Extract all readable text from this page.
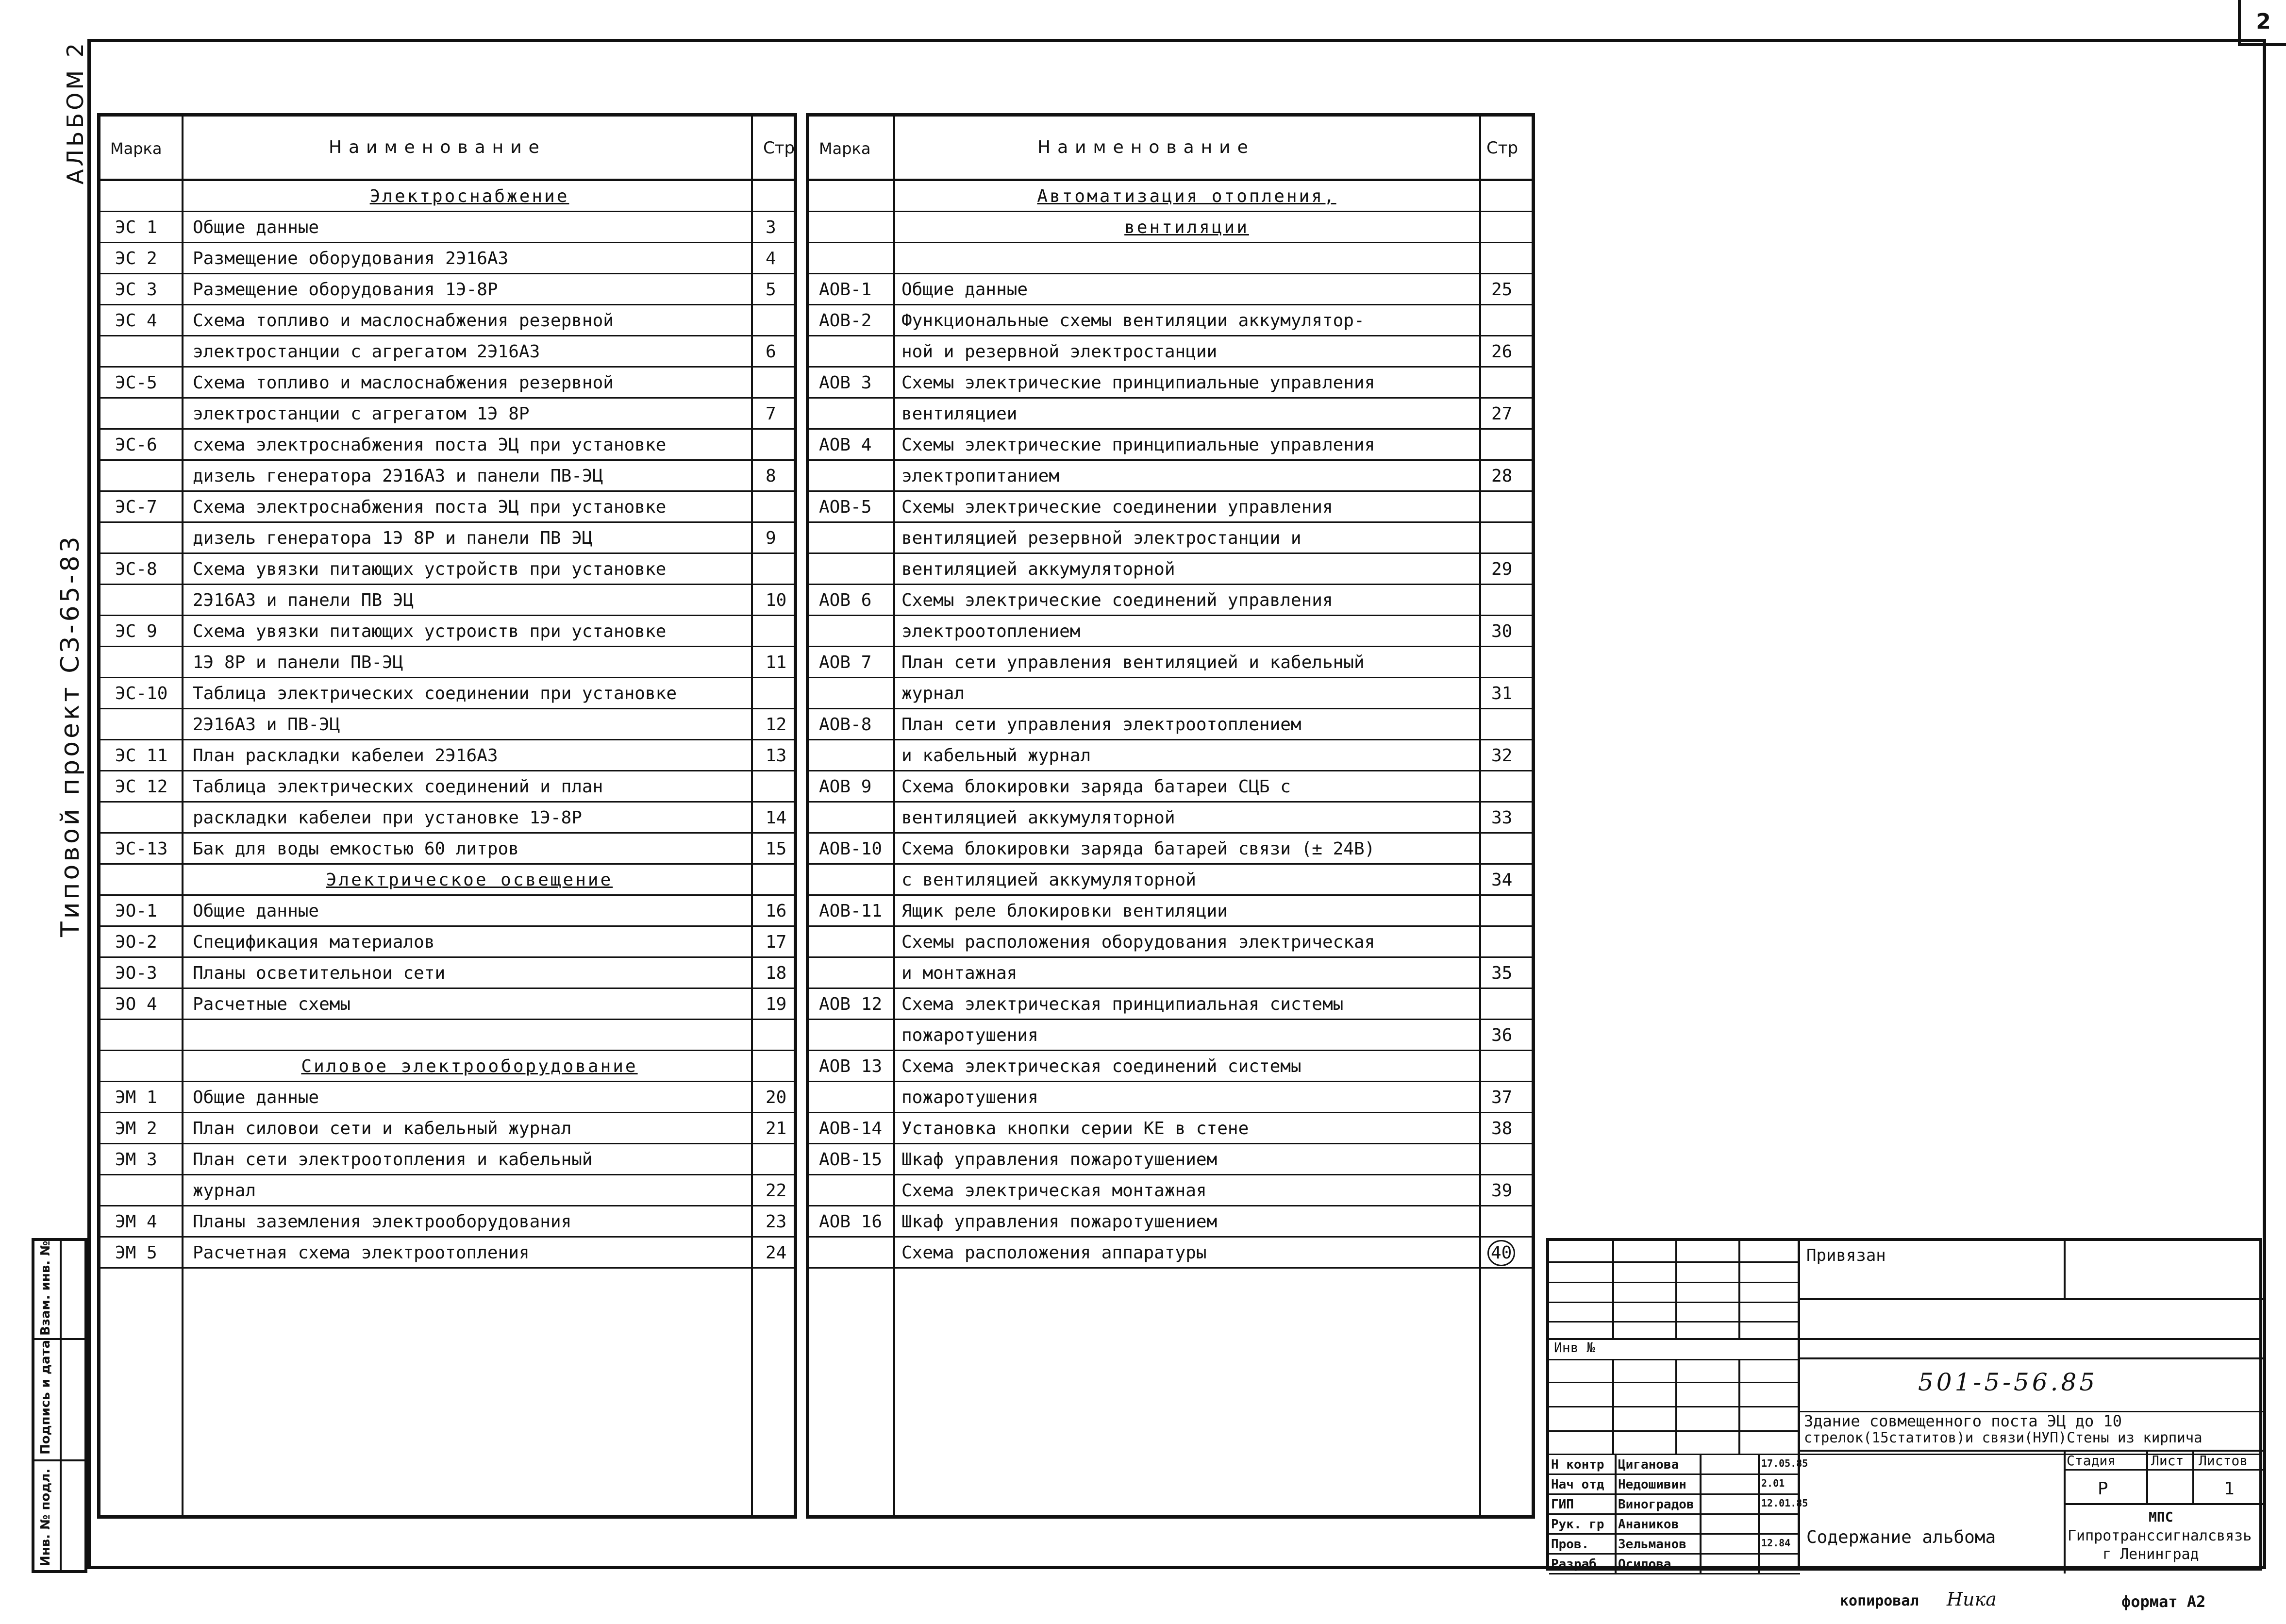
2
АЛЬБОМ 2
Типовой проект СЗ-65-83
Инв. № подл.
Подпись и дата
Взам. инв. №
Марка	Наименование	Стр
Электроснабжение
ЭС 1 Общие данные	3
ЭС 2 Размещение оборудования 2Э16А3	4
ЭС 3 Размещение оборудования 1Э-8Р	5
ЭС 4 Схема топливо и маслоснабжения резервной
электростанции с агрегатом 2Э16А3	6
ЭС-5 Схема топливо и маслоснабжения резервной
электростанции с агрегатом 1Э 8Р	7
ЭС-6 схема электроснабжения поста ЭЦ при установке
дизель генератора 2Э16А3 и панели ПВ-ЭЦ	8
ЭС-7 Схема электроснабжения поста ЭЦ при установке
дизель генератора 1Э 8Р и панели ПВ ЭЦ	9
ЭС-8 Схема увязки питающих устройств при установке
2Э16А3 и панели ПВ ЭЦ	10
ЭС 9 Схема увязки питающих устроиств при установке
1Э 8Р и панели ПВ-ЭЦ	11
ЭС-10 Таблица электрических соединении при установке
2Э16А3 и ПВ-ЭЦ	12
ЭС 11 План раскладки кабелеи 2Э16А3	13
ЭС 12 Таблица электрических соединений и план
раскладки кабелеи при установке 1Э-8Р	14
ЭС-13 Бак для воды емкостью 60 литров	15
Электрическое освещение
ЭО-1 Общие данные	16
ЭО-2 Спецификация материалов	17
ЭО-3 Планы осветительнои сети	18
ЭО 4 Расчетные схемы	19
Силовое электрооборудование
ЭМ 1 Общие данные	20
ЭМ 2 План силовои сети и кабельный журнал	21
ЭМ 3 План сети электроотопления и кабельный
журнал	22
ЭМ 4 Планы заземления электрооборудования	23
ЭМ 5 Расчетная схема электроотопления	24
Марка	Наименование	Стр
Автоматизация отопления,
вентиляции
АОВ-1 Общие данные	25
АОВ-2 Функциональные схемы вентиляции аккумулятор-
ной и резервной электростанции	26
АОВ 3 Схемы электрические принципиальные управления
вентиляциеи	27
АОВ 4 Схемы электрические принципиальные управления
электропитанием	28
АОВ-5 Схемы электрические соединении управления
вентиляцией резервной электростанции и
вентиляцией аккумуляторной	29
АОВ 6 Схемы электрические соединений управления
электроотоплением	30
АОВ 7 План сети управления вентиляцией и кабельный
журнал	31
АОВ-8 План сети управления электроотоплением
и кабельный журнал	32
АОВ 9 Схема блокировки заряда батареи СЦБ с
вентиляцией аккумуляторной	33
АОВ-10 Схема блокировки заряда батарей связи (± 24В)
с вентиляцией аккумуляторной	34
АОВ-11 Ящик реле блокировки вентиляции
Схемы расположения оборудования электрическая
и монтажная	35
АОВ 12 Схема электрическая принципиальная системы
пожаротушения	36
АОВ 13 Схема электрическая соединений системы
пожаротушения	37
АОВ-14 Установка кнопки серии КЕ в стене	38
АОВ-15 Шкаф управления пожаротушением
Схема электрическая монтажная	39
АОВ 16 Шкаф управления пожаротушением
Схема расположения аппаратуры	40
Инв №
Н контр Циганова	17.05.85
Нач отд Недошивин	2.01
ГИП	Виноградов	12.01.85
Рук. гр Анаников
Пров. Зельманов	12.84
Разраб. Осипова
Привязан
501-5-56.85
Здание совмещенного поста ЭЦ до 10
стрелок(15статитов)и связи(НУП)Стены из кирпича
Стадия	Лист Листов
Р	1
Содержание альбома
МПС
Гипротранссигналсвязь
г Ленинград
копировал Ника	формат А2
